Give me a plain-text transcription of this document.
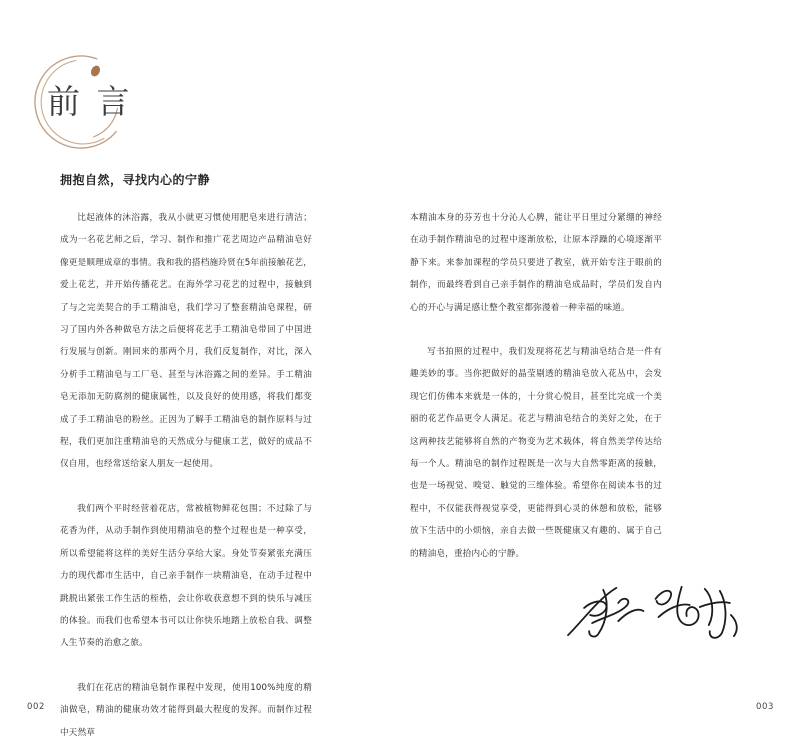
前 言
拥抱自然，寻找内心的宁静

比起液体的沐浴露，我从小就更习惯使用肥皂来进行清洁；成为一名花艺师之后，学习、制作和推广花艺周边产品精油皂好像更是顺理成章的事情。我和我的搭档施玲贤在5年前接触花艺，爱上花艺，并开始传播花艺。在海外学习花艺的过程中，接触到了与之完美契合的手工精油皂，我们学习了整套精油皂课程，研习了国内外各种做皂方法之后便将花艺手工精油皂带回了中国进行发展与创新。刚回来的那两个月，我们反复制作，对比，深入分析手工精油皂与工厂皂、甚至与沐浴露之间的差异。手工精油皂无添加无防腐剂的健康属性，以及良好的使用感，将我们都变成了手工精油皂的粉丝。正因为了解手工精油皂的制作原料与过程，我们更加注重精油皂的天然成分与健康工艺，做好的成品不仅自用，也经常送给家人朋友一起使用。

我们两个平时经营着花店，常被植物鲜花包围；不过除了与花香为伴，从动手制作到使用精油皂的整个过程也是一种享受，所以希望能将这样的美好生活分享给大家。身处节奏紧张充满压力的现代都市生活中，自己亲手制作一块精油皂，在动手过程中跳脱出紧张工作生活的桎梏，会让你收获意想不到的快乐与减压的体验。而我们也希望本书可以让你快乐地踏上放松自我、调整人生节奏的治愈之旅。

我们在花店的精油皂制作课程中发现，使用100%纯度的精油做皂，精油的健康功效才能得到最大程度的发挥。而制作过程中天然草

本精油本身的芬芳也十分沁人心脾，能让平日里过分紧绷的神经在动手制作精油皂的过程中逐渐放松，让原本浮躁的心境逐渐平静下来。来参加课程的学员只要进了教室，就开始专注于眼前的制作，而最终看到自己亲手制作的精油皂成品时，学员们发自内心的开心与满足感让整个教室都弥漫着一种幸福的味道。

写书拍照的过程中，我们发现将花艺与精油皂结合是一件有趣美妙的事。当你把做好的晶莹剔透的精油皂放入花丛中，会发现它们仿佛本来就是一体的，十分赏心悦目，甚至比完成一个美丽的花艺作品更令人满足。花艺与精油皂结合的美好之处，在于这两种技艺能够将自然的产物变为艺术载体，将自然美学传达给每一个人。精油皂的制作过程既是一次与大自然零距离的接触，也是一场视觉、嗅觉、触觉的三维体验。希望你在阅读本书的过程中，不仅能获得视觉享受，更能得到心灵的休憩和放松，能够放下生活中的小烦恼，亲自去做一些既健康又有趣的、属于自己的精油皂，重拾内心的宁静。

002	003
